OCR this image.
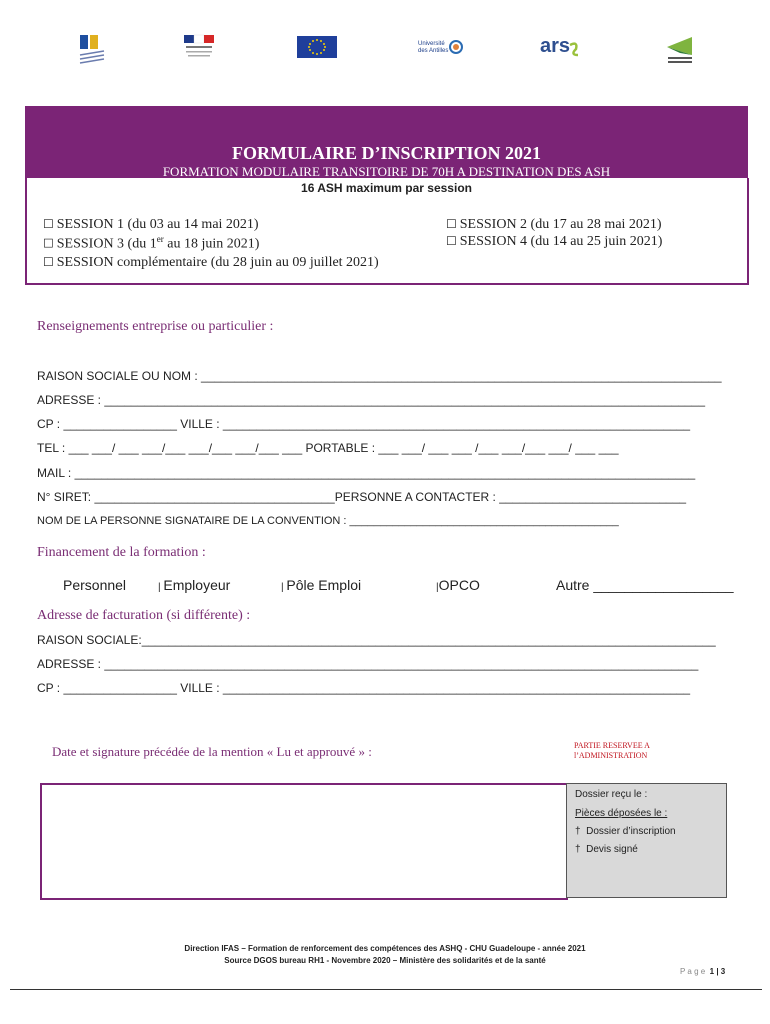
Université des Antilles	ars
FORMULAIRE D’INSCRIPTION 2021
FORMATION MODULAIRE TRANSITOIRE DE 70H A DESTINATION DES ASH
16 ASH maximum par session
☐ SESSION 1 (du 03 au 14 mai 2021)	☐ SESSION 2 (du 17 au 28 mai 2021)
☐ SESSION 3 (du 1er au 18 juin 2021)	☐ SESSION 4 (du 14 au 25 juin 2021)
☐ SESSION complémentaire (du 28 juin au 09 juillet 2021)
Renseignements entreprise ou particulier :
RAISON SOCIALE OU NOM : ______________________________________________________________________________
ADRESSE : __________________________________________________________________________________________
CP : _________________ VILLE : ______________________________________________________________________
TEL : ___ ___/ ___ ___/___ ___/___ ___/___ ___ PORTABLE : ___ ___/ ___ ___ /___ ___/___ ___/ ___ ___
MAIL : _____________________________________________________________________________________________
N° SIRET: ____________________________________PERSONNE A CONTACTER : ____________________________
NOM DE LA PERSONNE SIGNATAIRE DE LA CONVENTION : ____________________________________________
Financement de la formation :
Personnel	| Employeur	| Pôle Emploi	|OPCO	Autre __________________
Adresse de facturation (si différente) :
RAISON SOCIALE:______________________________________________________________________________________
ADRESSE : _________________________________________________________________________________________
CP : _________________ VILLE : ______________________________________________________________________
Date et signature précédée de la mention « Lu et approuvé » :	PARTIE RESERVEE A
l’ADMINISTRATION
Dossier reçu le :
Pièces déposées le :
† Dossier d’inscription
† Devis signé
Direction IFAS – Formation de renforcement des compétences des ASHQ - CHU Guadeloupe - année 2021
Source DGOS bureau RH1 - Novembre 2020 – Ministère des solidarités et de la santé
P a g e 1 | 3
